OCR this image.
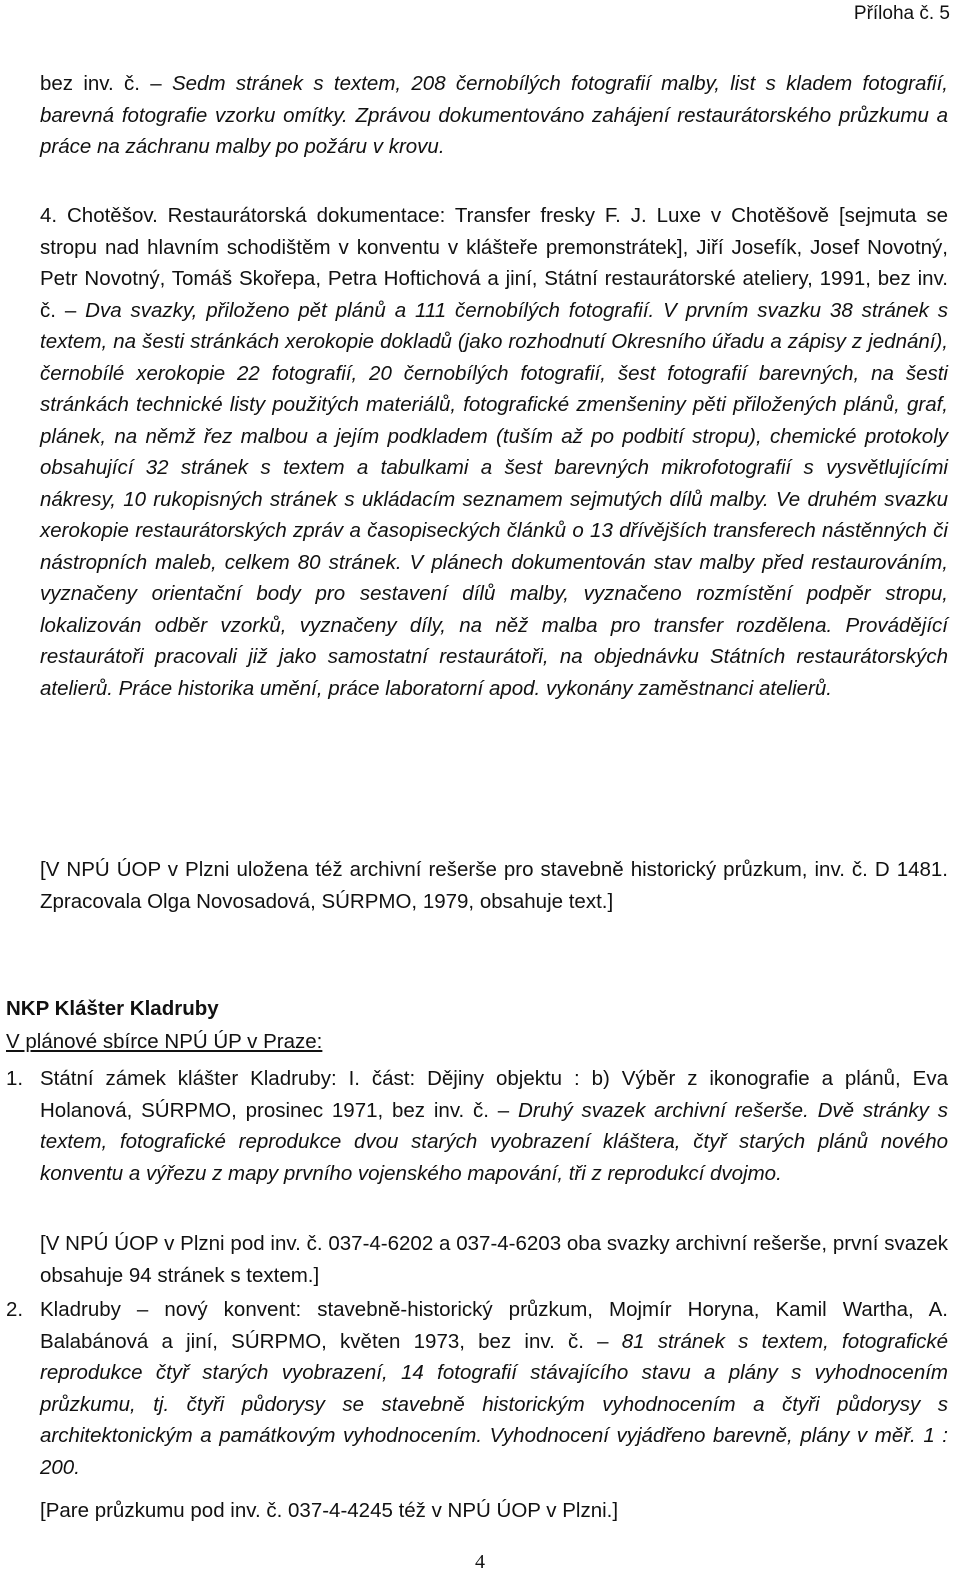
Příloha č. 5

bez inv. č. – Sedm stránek s textem, 208 černobílých fotografií malby, list s kladem fotografií, barevná fotografie vzorku omítky. Zprávou dokumentováno zahájení restaurátorského průzkumu a práce na záchranu malby po požáru v krovu.

4. Chotěšov. Restaurátorská dokumentace: Transfer fresky F. J. Luxe v Chotěšově [sejmuta se stropu nad hlavním schodištěm v konventu v klášteře premonstrátek], Jiří Josefík, Josef Novotný, Petr Novotný, Tomáš Skořepa, Petra Hoftichová a jiní, Státní restaurátorské ateliery, 1991, bez inv. č. – Dva svazky, přiloženo pět plánů a 111 černobílých fotografií. V prvním svazku 38 stránek s textem, na šesti stránkách xerokopie dokladů (jako rozhodnutí Okresního úřadu a zápisy z jednání), černobílé xerokopie 22 fotografií, 20 černobílých fotografií, šest fotografií barevných, na šesti stránkách technické listy použitých materiálů, fotografické zmenšeniny pěti přiložených plánů, graf, plánek, na němž řez malbou a jejím podkladem (tuším až po podbití stropu), chemické protokoly obsahující 32 stránek s textem a tabulkami a šest barevných mikrofotografií s vysvětlujícími nákresy, 10 rukopisných stránek s ukládacím seznamem sejmutých dílů malby. Ve druhém svazku xerokopie restaurátorských zpráv a časopiseckých článků o 13 dřívějších transferech nástěnných či nástropních maleb, celkem 80 stránek. V plánech dokumentován stav malby před restaurováním, vyznačeny orientační body pro sestavení dílů malby, vyznačeno rozmístění podpěr stropu, lokalizován odběr vzorků, vyznačeny díly, na něž malba pro transfer rozdělena. Provádějící restaurátoři pracovali již jako samostatní restaurátoři, na objednávku Státních restaurátorských atelierů. Práce historika umění, práce laboratorní apod. vykonány zaměstnanci atelierů.

[V NPÚ ÚOP v Plzni uložena též archivní rešerše pro stavebně historický průzkum, inv. č. D 1481. Zpracovala Olga Novosadová, SÚRPMO, 1979, obsahuje text.]

NKP Klášter Kladruby
V plánové sbírce NPÚ ÚP v Praze:
1. Státní zámek klášter Kladruby: I. část: Dějiny objektu : b) Výběr z ikonografie a plánů, Eva Holanová, SÚRPMO, prosinec 1971, bez inv. č. – Druhý svazek archivní rešerše. Dvě stránky s textem, fotografické reprodukce dvou starých vyobrazení kláštera, čtyř starých plánů nového konventu a výřezu z mapy prvního vojenského mapování, tři z reprodukcí dvojmo.

[V NPÚ ÚOP v Plzni pod inv. č. 037-4-6202 a 037-4-6203 oba svazky archivní rešerše, první svazek obsahuje 94 stránek s textem.]

2. Kladruby – nový konvent: stavebně-historický průzkum, Mojmír Horyna, Kamil Wartha, A. Balabánová a jiní, SÚRPMO, květen 1973, bez inv. č. – 81 stránek s textem, fotografické reprodukce čtyř starých vyobrazení, 14 fotografií stávajícího stavu a plány s vyhodnocením průzkumu, tj. čtyři půdorysy se stavebně historickým vyhodnocením a čtyři půdorysy s architektonickým a památkovým vyhodnocením. Vyhodnocení vyjádřeno barevně, plány v měř. 1 : 200.

[Pare průzkumu pod inv. č. 037-4-4245 též v NPÚ ÚOP v Plzni.]

4
